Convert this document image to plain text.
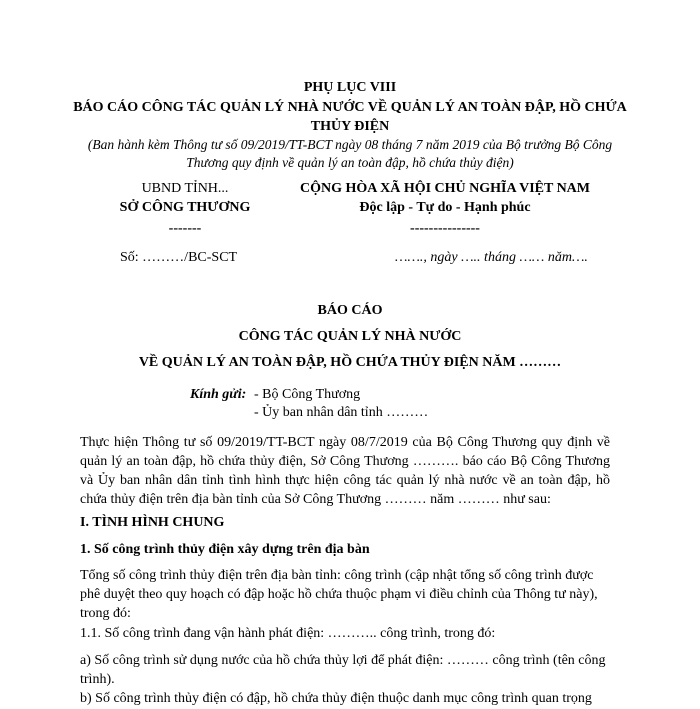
PHỤ LỤC VIII
BÁO CÁO CÔNG TÁC QUẢN LÝ NHÀ NƯỚC VỀ QUẢN LÝ AN TOÀN ĐẬP, HỒ CHỨA THỦY ĐIỆN
(Ban hành kèm Thông tư số 09/2019/TT-BCT ngày 08 tháng 7 năm 2019 của Bộ trưởng Bộ Công Thương quy định về quản lý an toàn đập, hồ chứa thủy điện)
UBND TỈNH...
SỞ CÔNG THƯƠNG
-------
CỘNG HÒA XÃ HỘI CHỦ NGHĨA VIỆT NAM
Độc lập - Tự do - Hạnh phúc
---------------
Số: ………/BC-SCT	……., ngày ….. tháng …… năm….
BÁO CÁO
CÔNG TÁC QUẢN LÝ NHÀ NƯỚC
VỀ QUẢN LÝ AN TOÀN ĐẬP, HỒ CHỨA THỦY ĐIỆN NĂM ………
Kính gửi: - Bộ Công Thương
- Ủy ban nhân dân tỉnh ………
Thực hiện Thông tư số 09/2019/TT-BCT ngày 08/7/2019 của Bộ Công Thương quy định về quản lý an toàn đập, hồ chứa thủy điện, Sở Công Thương ………. báo cáo Bộ Công Thương và Ủy ban nhân dân tỉnh tình hình thực hiện công tác quản lý nhà nước về an toàn đập, hồ chứa thủy điện trên địa bàn tỉnh của Sở Công Thương ……… năm ……… như sau:
I. TÌNH HÌNH CHUNG
1. Số công trình thủy điện xây dựng trên địa bàn
Tổng số công trình thủy điện trên địa bàn tỉnh: công trình (cập nhật tổng số công trình được phê duyệt theo quy hoạch có đập hoặc hồ chứa thuộc phạm vi điều chỉnh của Thông tư này), trong đó:
1.1. Số công trình đang vận hành phát điện: ……….. công trình, trong đó:
a) Số công trình sử dụng nước của hồ chứa thủy lợi để phát điện: ……… công trình (tên công trình).
b) Số công trình thủy điện có đập, hồ chứa thủy điện thuộc danh mục công trình quan trọng
